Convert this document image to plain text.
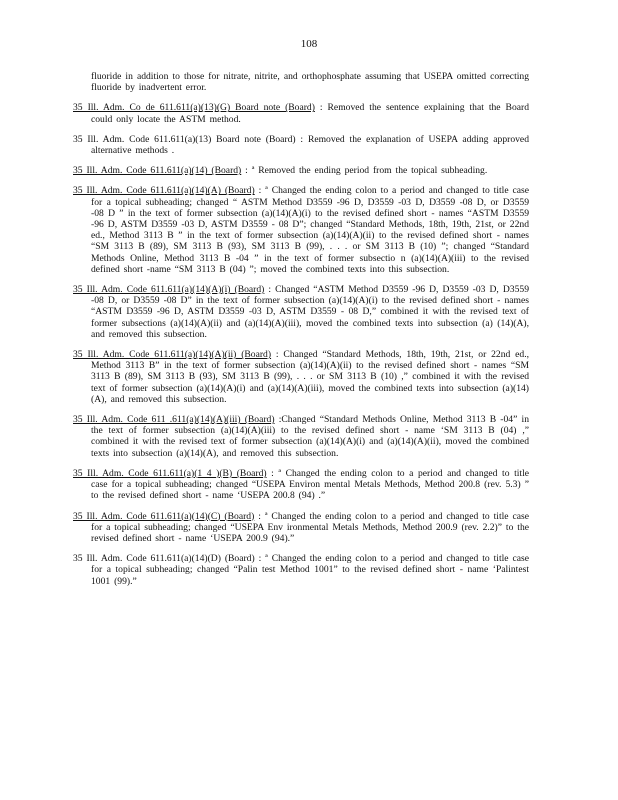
108

fluoride in addition to those for nitrate, nitrite, and orthophosphate assuming that USEPA omitted correcting fluoride by inadvertent error.

35 Ill. Adm. Co de 611.611(a)(13)(G) Board note (Board) : Removed the sentence explaining that the Board could only locate the ASTM method.

35 Ill. Adm. Code 611.611(a)(13) Board note (Board) : Removed the explanation of USEPA adding approved alternative methods .

35 Ill. Adm. Code 611.611(a)(14) (Board) : ª Removed the ending period from the topical subheading.

35 Ill. Adm. Code 611.611(a)(14)(A) (Board) : ª Changed the ending colon to a period and changed to title case for a topical subheading; changed “ ASTM Method D3559 -96 D, D3559 -03 D, D3559 -08 D, or D3559 -08 D ” in the text of former subsection (a)(14)(A)(i) to the revised defined short - names “ASTM D3559 -96 D, ASTM D3559 -03 D, ASTM D3559 - 08 D”; changed “Standard Methods, 18th, 19th, 21st, or 22nd ed., Method 3113 B ” in the text of former subsection (a)(14)(A)(ii) to the revised defined short - names “SM 3113 B (89), SM 3113 B (93), SM 3113 B (99), . . . or SM 3113 B (10) ”; changed “Standard Methods Online, Method 3113 B -04 ” in the text of former subsectio n (a)(14)(A)(iii) to the revised defined short -name “SM 3113 B (04) ”; moved the combined texts into this subsection.

35 Ill. Adm. Code 611.611(a)(14)(A)(i) (Board) : Changed “ASTM Method D3559 -96 D, D3559 -03 D, D3559 -08 D, or D3559 -08 D” in the text of former subsection (a)(14)(A)(i) to the revised defined short - names “ASTM D3559 -96 D, ASTM D3559 -03 D, ASTM D3559 - 08 D,” combined it with the revised text of former subsections (a)(14)(A)(ii) and (a)(14)(A)(iii), moved the combined texts into subsection (a) (14)(A), and removed this subsection.

35 Ill. Adm. Code 611.611(a)(14)(A)(ii) (Board) : Changed “Standard Methods, 18th, 19th, 21st, or 22nd ed., Method 3113 B” in the text of former subsection (a)(14)(A)(ii) to the revised defined short - names “SM 3113 B (89), SM 3113 B (93), SM 3113 B (99), . . . or SM 3113 B (10) ,” combined it with the revised text of former subsection (a)(14)(A)(i) and (a)(14)(A)(iii), moved the combined texts into subsection (a)(14)(A), and removed this subsection.

35 Ill. Adm. Code 611 .611(a)(14)(A)(iii) (Board) :Changed “Standard Methods Online, Method 3113 B -04” in the text of former subsection (a)(14)(A)(iii) to the revised defined short - name ‘SM 3113 B (04) ,” combined it with the revised text of former subsection (a)(14)(A)(i) and (a)(14)(A)(ii), moved the combined texts into subsection (a)(14)(A), and removed this subsection.

35 Ill. Adm. Code 611.611(a)(1 4 )(B) (Board) : ª Changed the ending colon to a period and changed to title case for a topical subheading; changed “USEPA Environ mental Metals Methods, Method 200.8 (rev. 5.3) ” to the revised defined short - name ‘USEPA 200.8 (94) .”

35 Ill. Adm. Code 611.611(a)(14)(C) (Board) : ª Changed the ending colon to a period and changed to title case for a topical subheading; changed “USEPA Env ironmental Metals Methods, Method 200.9 (rev. 2.2)” to the revised defined short - name ‘USEPA 200.9 (94).”

35 Ill. Adm. Code 611.611(a)(14)(D) (Board) : ª Changed the ending colon to a period and changed to title case for a topical subheading; changed “Palin test Method 1001” to the revised defined short - name ‘Palintest 1001 (99).”
